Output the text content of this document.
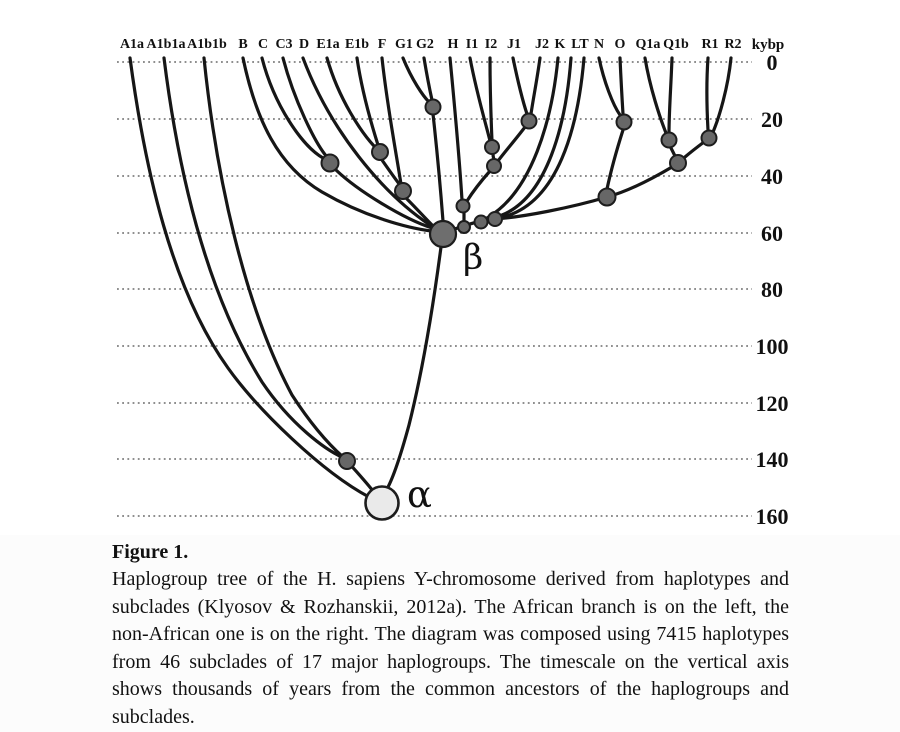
A1a A1b1a A1b1b B C C3 D E1a E1b F G1 G2 H I1 I2 J1 J2 K LT N O Q1a Q1b R1 R2 kybp
0
20
40
60
80
100
120
140
160
α
β
Figure 1.

Haplogroup tree of the H. sapiens Y-chromosome derived from haplotypes and subclades (Klyosov & Rozhanskii, 2012a). The African branch is on the left, the non-African one is on the right. The diagram was composed using 7415 haplotypes from 46 subclades of 17 major haplogroups. The timescale on the vertical axis shows thousands of years from the common ancestors of the haplogroups and subclades.
